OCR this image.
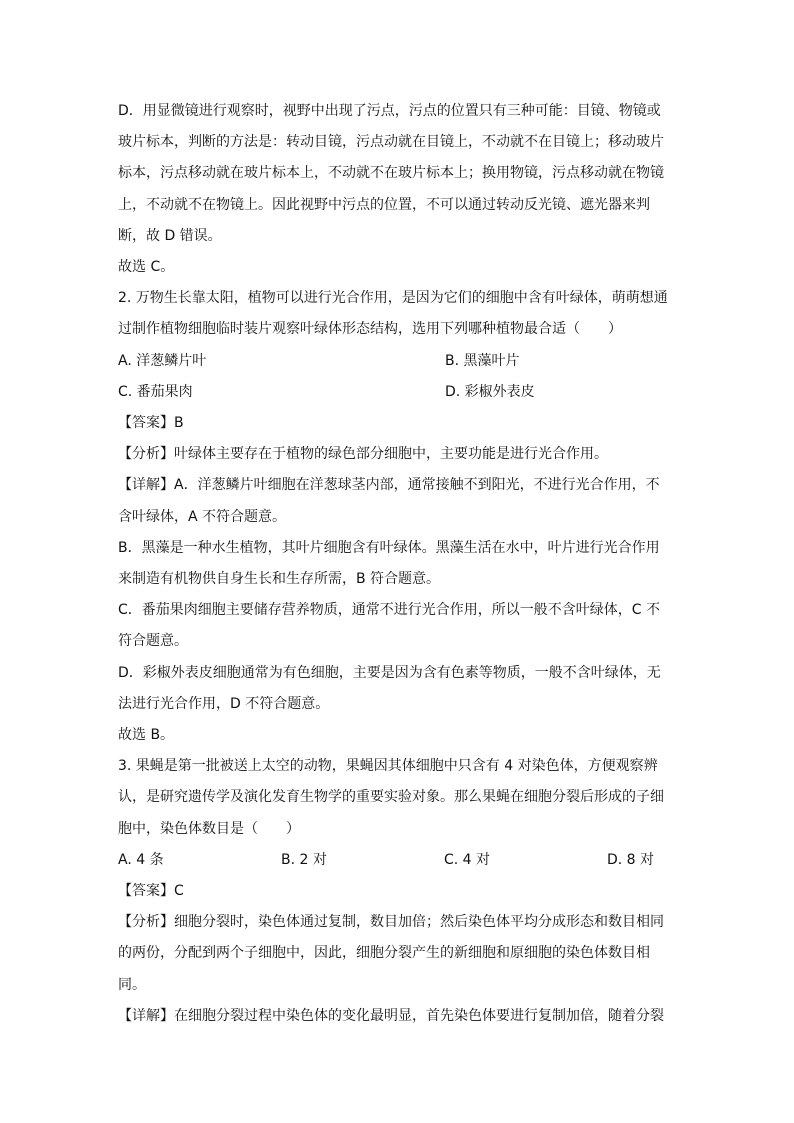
D．用显微镜进行观察时，视野中出现了污点，污点的位置只有三种可能：目镜、物镜或

玻片标本，判断的方法是：转动目镜，污点动就在目镜上，不动就不在目镜上；移动玻片

标本，污点移动就在玻片标本上，不动就不在玻片标本上；换用物镜，污点移动就在物镜

上，不动就不在物镜上。因此视野中污点的位置，不可以通过转动反光镜、遮光器来判

断，故 D 错误。

故选 C。

2. 万物生长靠太阳，植物可以进行光合作用，是因为它们的细胞中含有叶绿体，萌萌想通

过制作植物细胞临时装片观察叶绿体形态结构，选用下列哪种植物最合适（　　）

A. 洋葱鳞片叶	B. 黑藻叶片
C. 番茄果肉	D. 彩椒外表皮

【答案】B

【分析】叶绿体主要存在于植物的绿色部分细胞中，主要功能是进行光合作用。

【详解】A．洋葱鳞片叶细胞在洋葱球茎内部，通常接触不到阳光，不进行光合作用，不

含叶绿体，A 不符合题意。

B．黑藻是一种水生植物，其叶片细胞含有叶绿体。黑藻生活在水中，叶片进行光合作用

来制造有机物供自身生长和生存所需，B 符合题意。

C．番茄果肉细胞主要储存营养物质，通常不进行光合作用，所以一般不含叶绿体，C 不

符合题意。

D．彩椒外表皮细胞通常为有色细胞，主要是因为含有色素等物质，一般不含叶绿体，无

法进行光合作用，D 不符合题意。

故选 B。

3. 果蝇是第一批被送上太空的动物，果蝇因其体细胞中只含有 4 对染色体，方便观察辨

认，是研究遗传学及演化发育生物学的重要实验对象。那么果蝇在细胞分裂后形成的子细

胞中，染色体数目是（　　）

A. 4 条	B. 2 对	C. 4 对	D. 8 对

【答案】C

【分析】细胞分裂时，染色体通过复制，数目加倍；然后染色体平均分成形态和数目相同

的两份，分配到两个子细胞中，因此，细胞分裂产生的新细胞和原细胞的染色体数目相

同。

【详解】在细胞分裂过程中染色体的变化最明显，首先染色体要进行复制加倍，随着分裂
